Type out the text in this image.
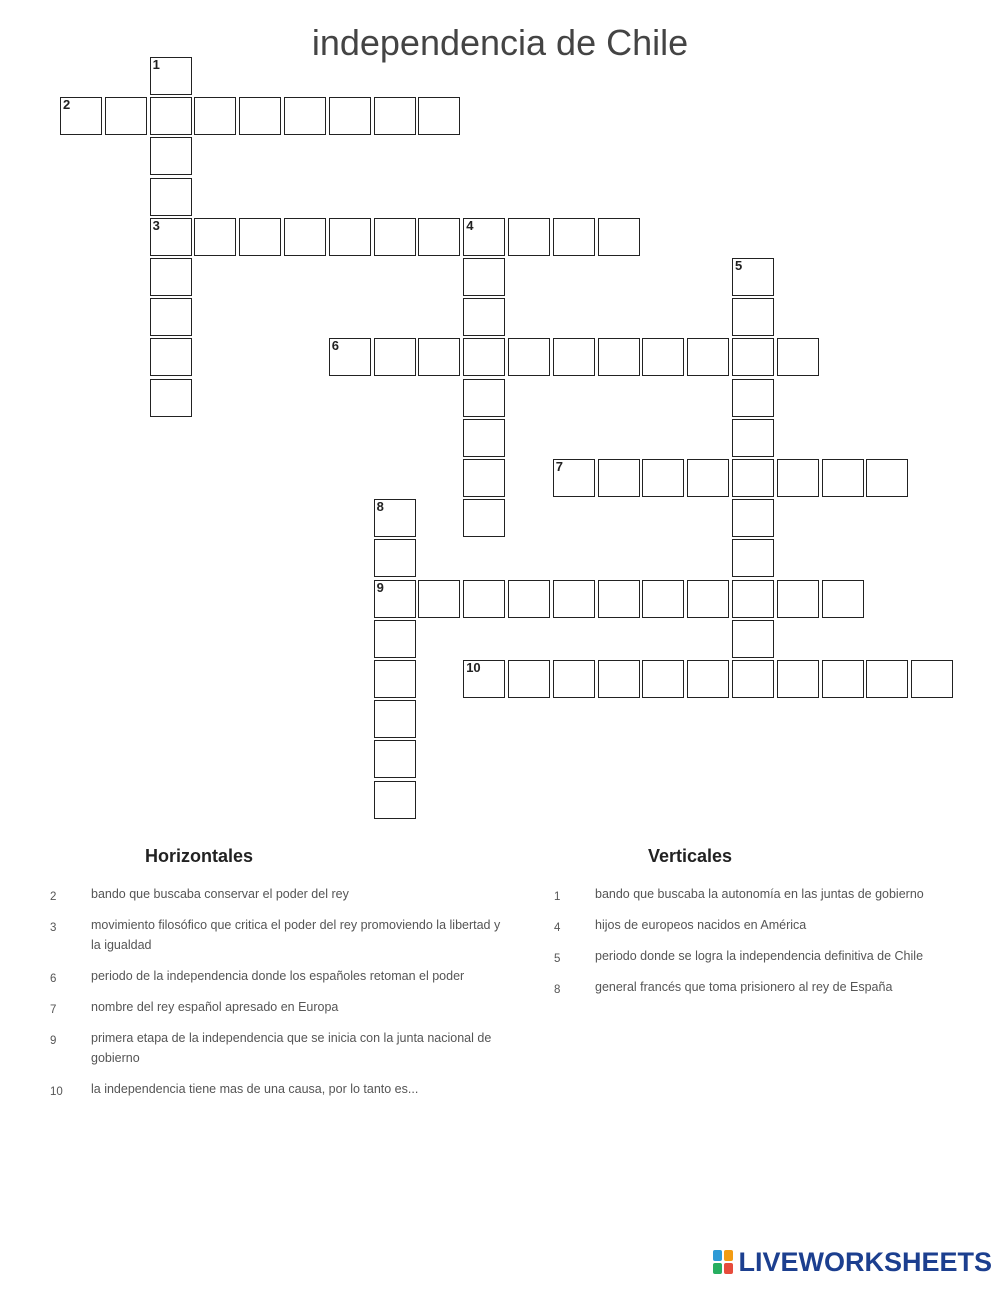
independencia de Chile
1
3
2
4
5
6
7
8
9
10
Horizontales	Verticales
2	bando que buscaba conservar el poder del rey
3	movimiento filosófico que critica el poder del rey promoviendo la libertad y la igualdad
6	periodo de la independencia donde los españoles retoman el poder
7	nombre del rey español apresado en Europa
9	primera etapa de la independencia que se inicia con la junta nacional de gobierno
10 la independencia tiene mas de una causa, por lo tanto es...
1	bando que buscaba la autonomía en las juntas de gobierno
4	hijos de europeos nacidos en América
5	periodo donde se logra la independencia definitiva de Chile
8	general francés que toma prisionero al rey de España
LIVEWORKSHEETS
